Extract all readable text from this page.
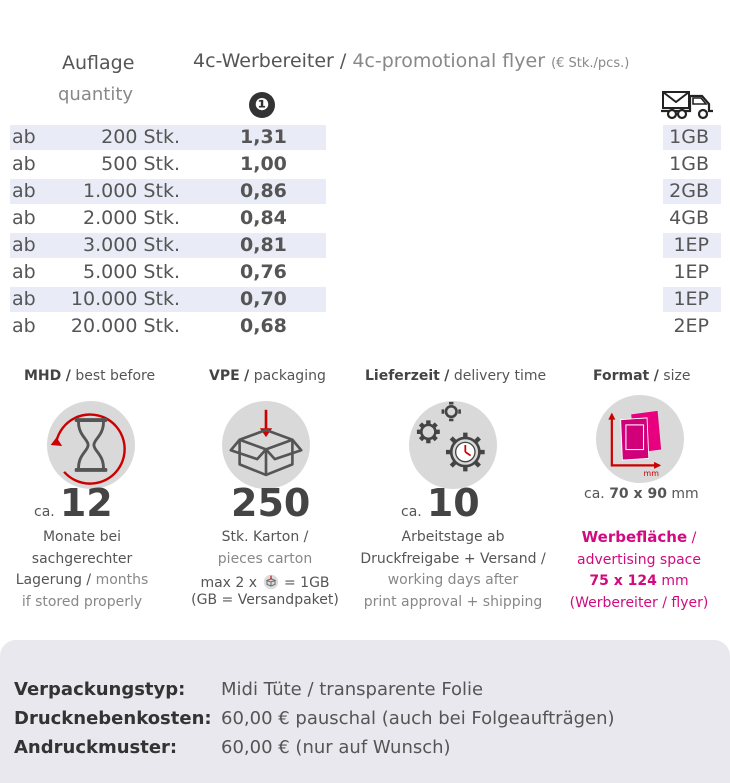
Auflage
quantity
4c-Werbereiter / 4c-promotional flyer (€ Stk./pcs.)
❶
ab	200 Stk.	1,31	1GB
ab	500 Stk.	1,00	1GB
ab	1.000 Stk.	0,86	2GB
ab	2.000 Stk.	0,84	4GB
ab	3.000 Stk.	0,81	1EP
ab	5.000 Stk.	0,76	1EP
ab	10.000 Stk.	0,70	1EP
ab	20.000 Stk.	0,68	2EP
MHD / best before
ca. 12
Monate bei
sachgerechter
Lagerung / months
if stored properly
VPE / packaging
250
Stk. Karton /
pieces carton
max 2 x = 1GB
(GB = Versandpaket)
Lieferzeit / delivery time
ca. 10
Arbeitstage ab
Druckfreigabe + Versand /
working days after
print approval + shipping
Format / size
mm
ca. 70 x 90 mm
Werbefläche /
advertising space
75 x 124 mm
(Werbereiter / flyer)
Verpackungstyp: Midi Tüte / transparente Folie
Drucknebenkosten: 60,00 € pauschal (auch bei Folgeaufträgen)
Andruckmuster: 60,00 € (nur auf Wunsch)
